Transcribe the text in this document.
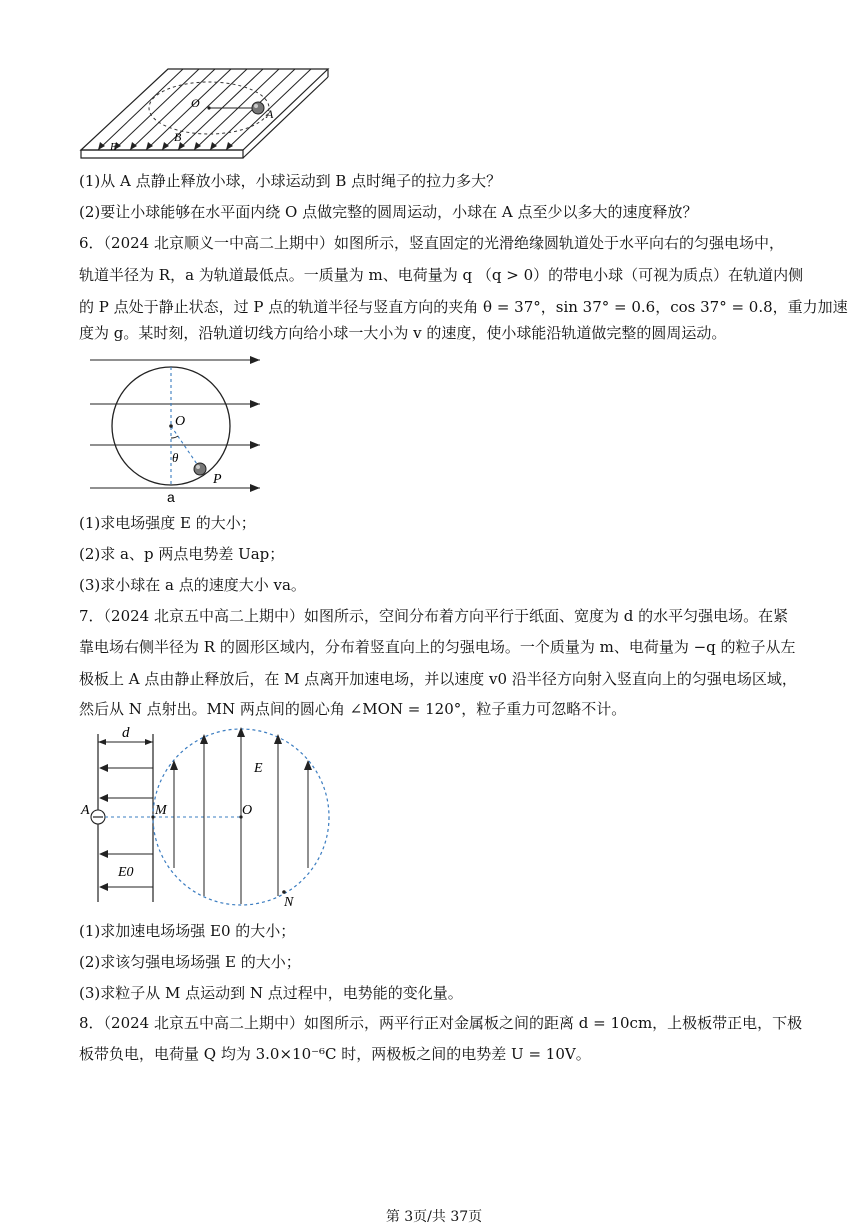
O
A
B
E
(1)从 A 点静止释放小球，小球运动到 B 点时绳子的拉力多大？
(2)要让小球能够在水平面内绕 O 点做完整的圆周运动，小球在 A 点至少以多大的速度释放？
6．（2024 北京顺义一中高二上期中）如图所示，竖直固定的光滑绝缘圆轨道处于水平向右的匀强电场中，
轨道半径为 R，a 为轨道最低点。一质量为 m、电荷量为 q （q > 0）的带电小球（可视为质点）在轨道内侧
的 P 点处于静止状态，过 P 点的轨道半径与竖直方向的夹角 θ = 37°，sin 37° = 0.6，cos 37° = 0.8，重力加速
度为 g。某时刻，沿轨道切线方向给小球一大小为 v 的速度，使小球能沿轨道做完整的圆周运动。
O
θ
P
a
(1)求电场强度 E 的大小；
(2)求 a、p 两点电势差 Uap；
(3)求小球在 a 点的速度大小 va。
7．（2024 北京五中高二上期中）如图所示，空间分布着方向平行于纸面、宽度为 d 的水平匀强电场。在紧
靠电场右侧半径为 R 的圆形区域内，分布着竖直向上的匀强电场。一个质量为 m、电荷量为 −q 的粒子从左
极板上 A 点由静止释放后，在 M 点离开加速电场，并以速度 v0 沿半径方向射入竖直向上的匀强电场区域，
然后从 N 点射出。MN 两点间的圆心角 ∠MON = 120°，粒子重力可忽略不计。
d
E
A	M	O
E0
N
(1)求加速电场场强 E0 的大小；
(2)求该匀强电场场强 E 的大小；
(3)求粒子从 M 点运动到 N 点过程中，电势能的变化量。
8．（2024 北京五中高二上期中）如图所示，两平行正对金属板之间的距离 d = 10cm，上极板带正电，下极
板带负电，电荷量 Q 均为 3.0×10⁻⁶C 时，两极板之间的电势差 U = 10V。
第 3页/共 37页
